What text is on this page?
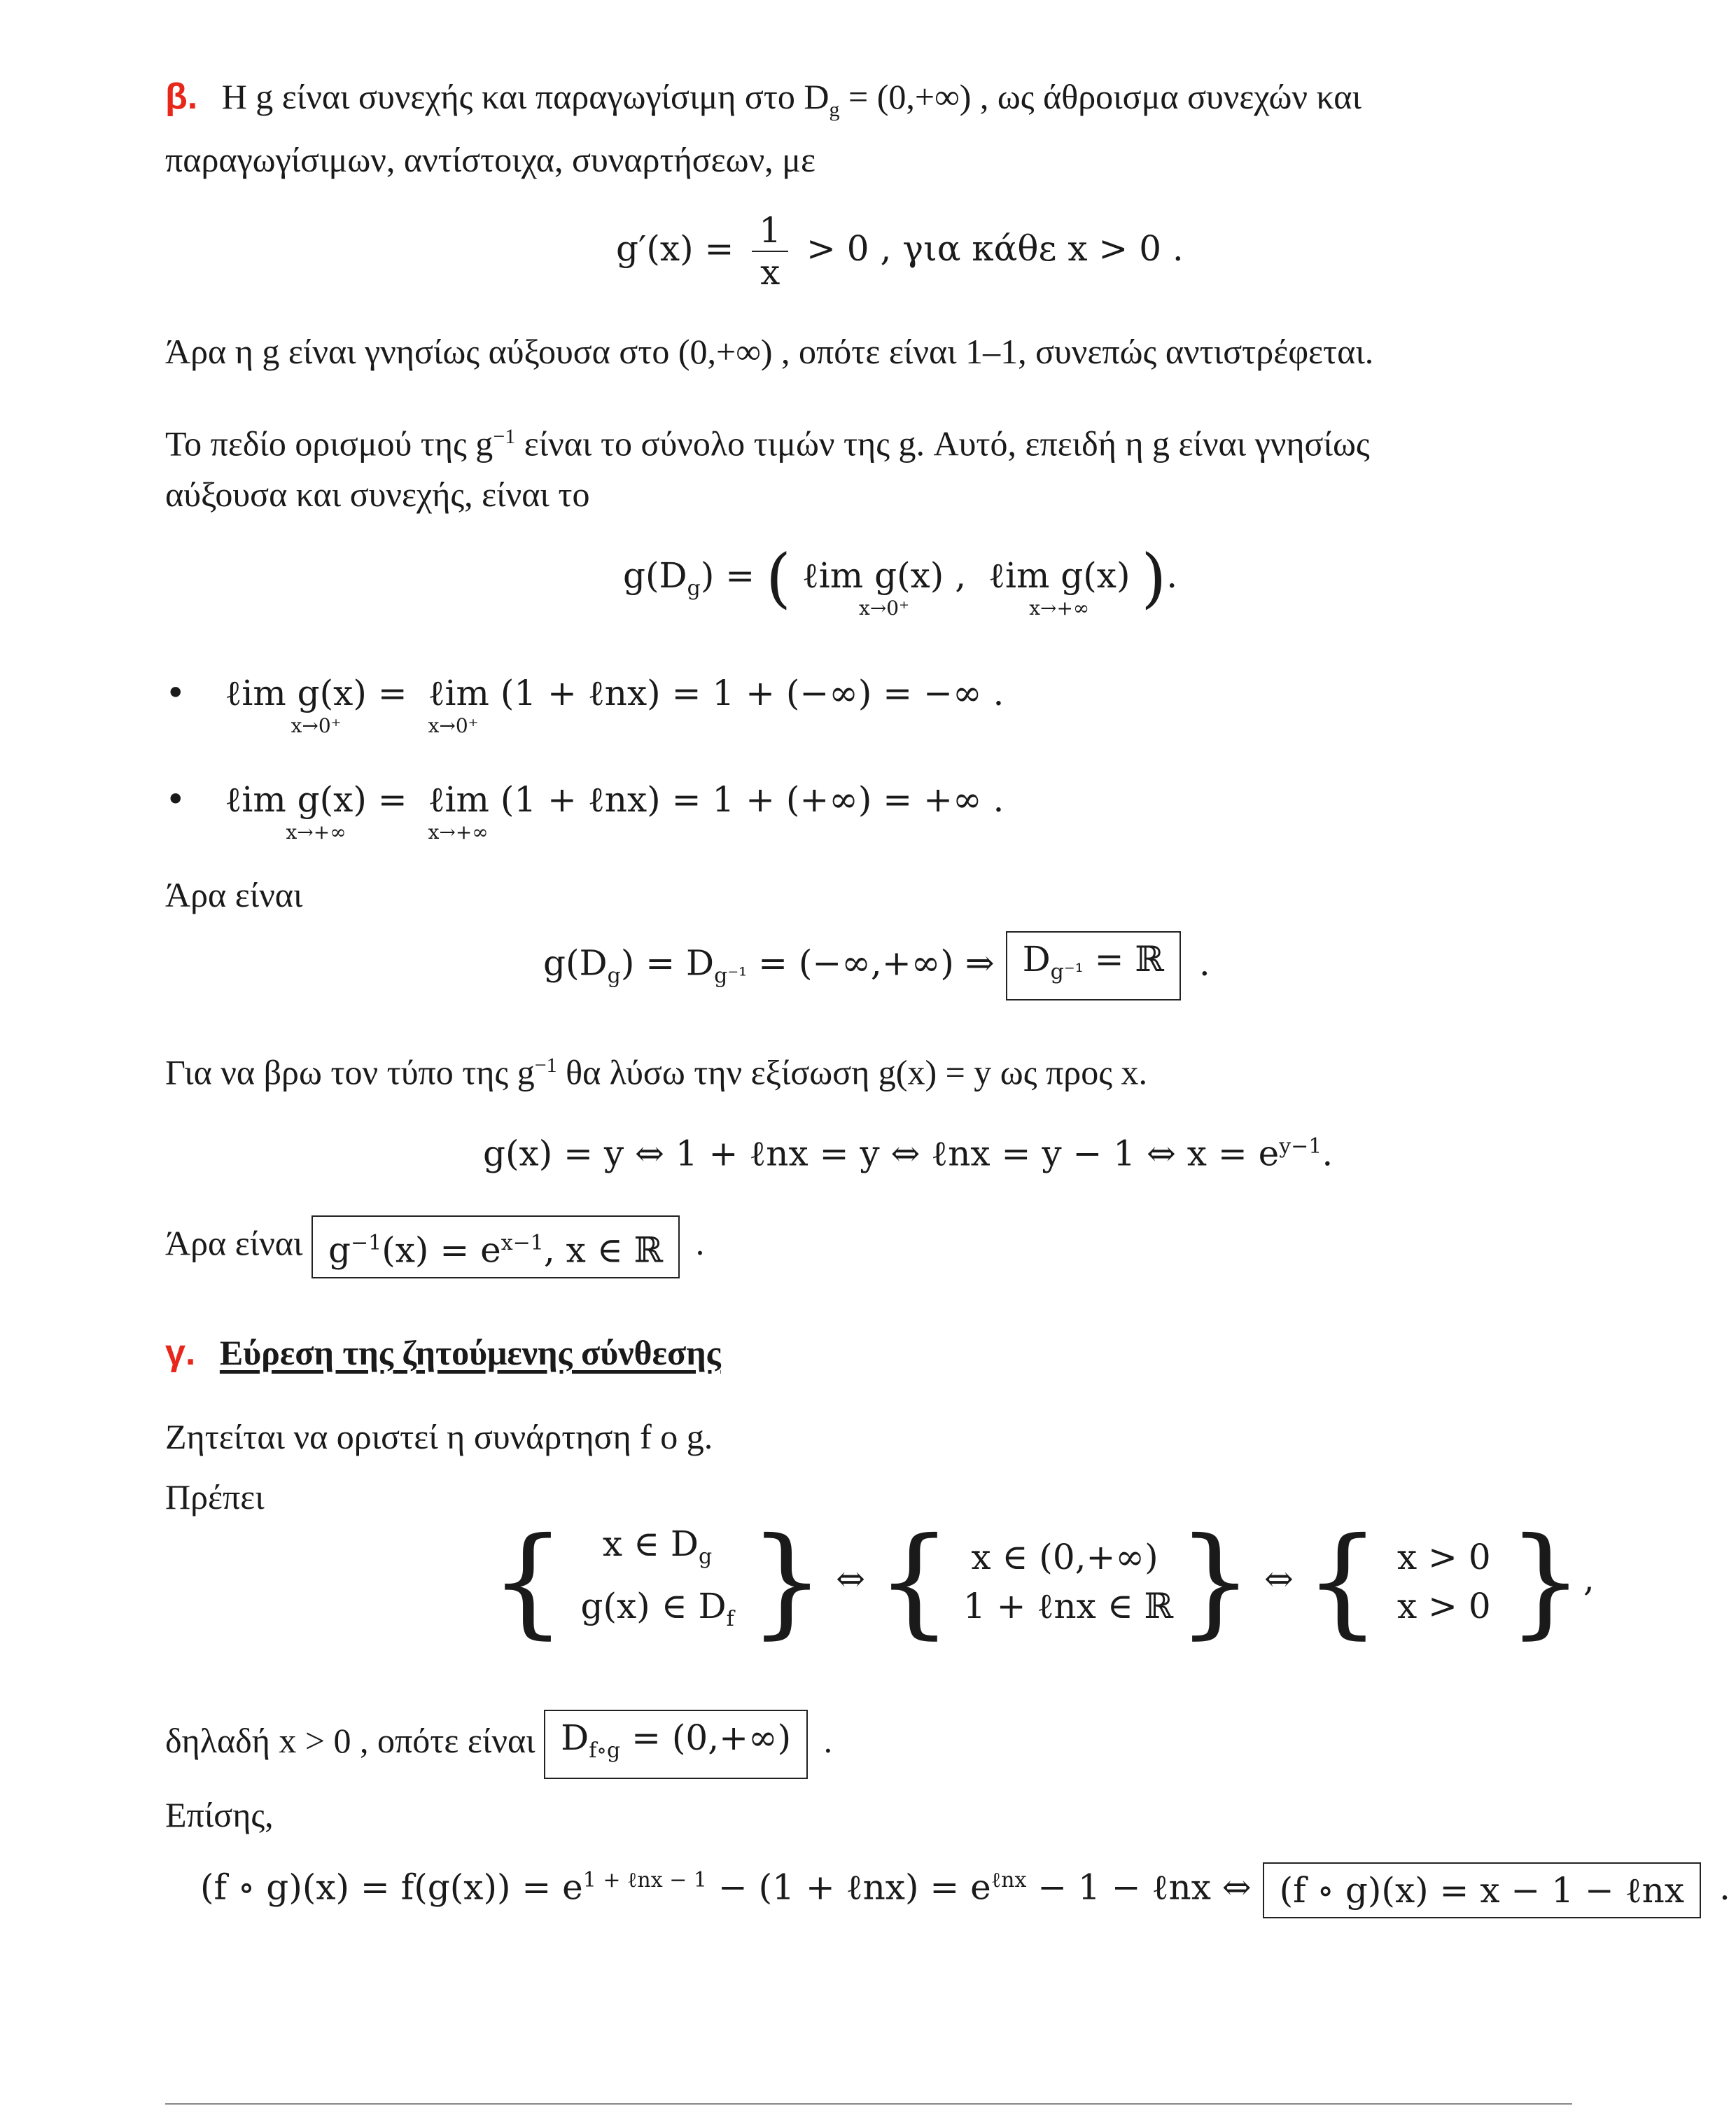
β. Η g είναι συνεχής και παραγωγίσιμη στο $D_g = (0,+\infty)$ , ως άθροισμα συνεχών και
παραγωγίσιμων, αντίστοιχα, συναρτήσεων, με
$g'(x) = \frac{1}{x} > 0$ , για κάθε x > 0 .
Άρα η g είναι γνησίως αύξουσα στο (0,+∞) , οπότε είναι 1–1, συνεπώς αντιστρέφεται.
Το πεδίο ορισμού της $g^{-1}$ είναι το σύνολο τιμών της g. Αυτό, επειδή η g είναι γνησίως
αύξουσα και συνεχής, είναι το
$g(D_g)$ = ( ℓim g(x) ,
x→0⁺
ℓim g(x)
x→+∞ ).
• ℓim g(x) =
x→0⁺
ℓim (1 + ℓnx) = 1 + (−∞) = −∞ .
x→0⁺
• ℓim g(x) =
x→+∞
ℓim (1 + ℓnx) = 1 + (+∞) = +∞ .
x→+∞
Άρα είναι
$g(D_g) = D_{g^{-1}}$ = (−∞,+∞) ⇒ $D_{g^{-1}}$ = ℝ .
Για να βρω τον τύπο της $g^{-1}$ θα λύσω την εξίσωση g(x) = y ως προς x.
g(x) = y ⇔ 1 + ℓnx = y ⇔ ℓnx = y − 1 ⇔ $x = e^{y-1}$.
Άρα είναι $g^{-1}(x) = e^{x-1}$, x ∈ ℝ .
γ. Εύρεση της ζητούμενης σύνθεσης
Ζητείται να οριστεί η συνάρτηση f ο g.
Πρέπει
{	x ∈ $D_g$
g(x) ∈ $D_f$ } ⇔ { x ∈ (0,+∞)
1 + ℓnx ∈ ℝ } ⇔ { x > 0
x > 0 },
δηλαδή x > 0 , οπότε είναι $D_{f\circ g} = (0,+\infty)$ .
Επίσης,
(f ∘ $g)(x) = f(g(x)) = e^{1 + \ell nx - 1} - (1$ + ℓnx) = $e^{\ell nx} - 1$ − ℓnx ⇔ (f ∘ g)(x) = x − 1 − ℓnx .
